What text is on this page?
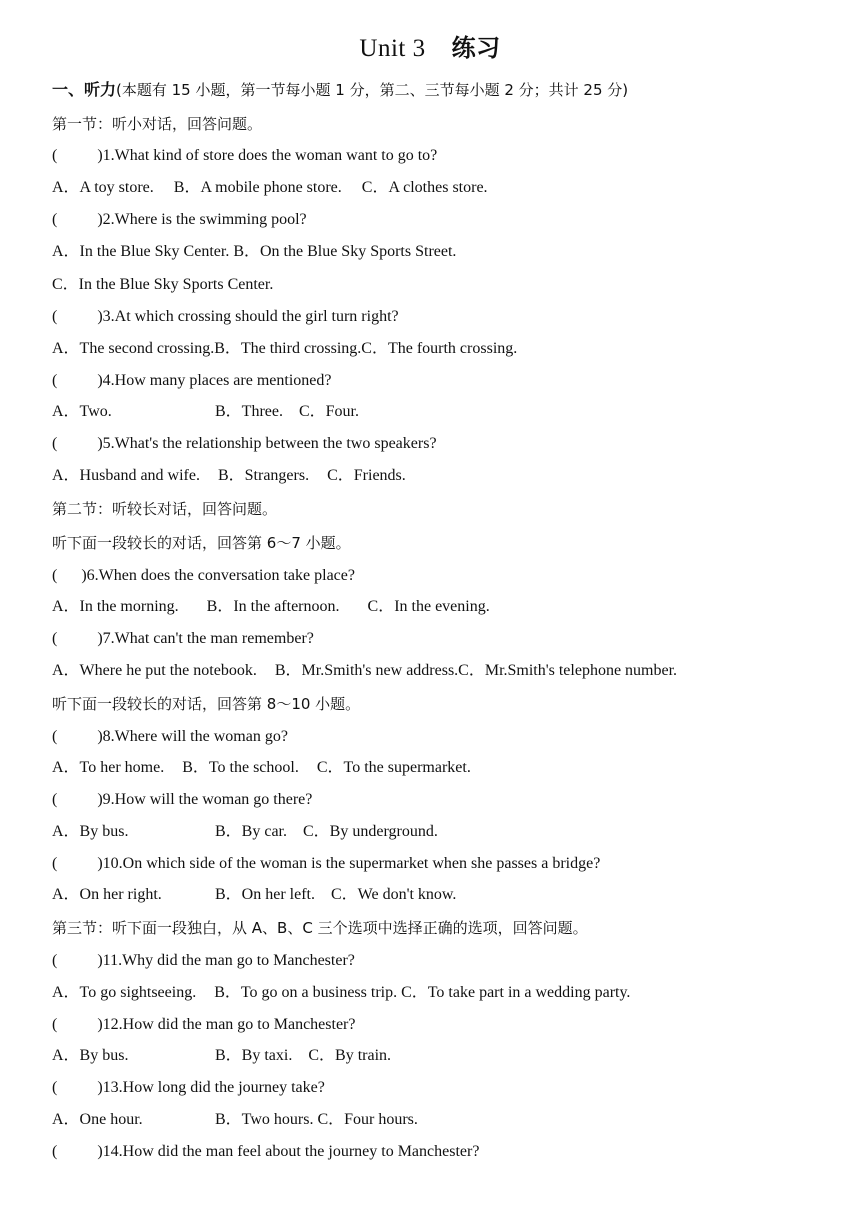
Unit 3 练习
一、听力(本题有 15 小题，第一节每小题 1 分，第二、三节每小题 2 分；共计 25 分)
第一节：听小对话，回答问题。
(          )1.What kind of store does the woman want to go to?
A．A toy store. B．A mobile phone store. C．A clothes store.
(          )2.Where is the swimming pool?
A．In the Blue Sky Center. B．On the Blue Sky Sports Street.
C．In the Blue Sky Sports Center.
(          )3.At which crossing should the girl turn right?
A．The second crossing.B．The third crossing.C．The fourth crossing.
(          )4.How many places are mentioned?
A．Two.	B．Three. C．Four.
(          )5.What's the relationship between the two speakers?
A．Husband and wife. B．Strangers. C．Friends.
第二节：听较长对话，回答问题。
听下面一段较长的对话，回答第 6～7 小题。
(      )6.When does the conversation take place?
A．In the morning. B．In the afternoon. C．In the evening.
(          )7.What can't the man remember?
A．Where he put the notebook. B．Mr.Smith's new address.C．Mr.Smith's telephone number.
听下面一段较长的对话，回答第 8～10 小题。
(          )8.Where will the woman go?
A．To her home. B．To the school. C．To the supermarket.
(          )9.How will the woman go there?
A．By bus.	B．By car. C．By underground.
(          )10.On which side of the woman is the supermarket when she passes a bridge?
A．On her right.	B．On her left. C．We don't know.
第三节：听下面一段独白，从 A、B、C 三个选项中选择正确的选项，回答问题。
(          )11.Why did the man go to Manchester?
A．To go sightseeing. B．To go on a business trip. C．To take part in a wedding party.
(          )12.How did the man go to Manchester?
A．By bus.	B．By taxi. C．By train.
(          )13.How long did the journey take?
A．One hour.	B．Two hours. C．Four hours.
(          )14.How did the man feel about the journey to Manchester?
